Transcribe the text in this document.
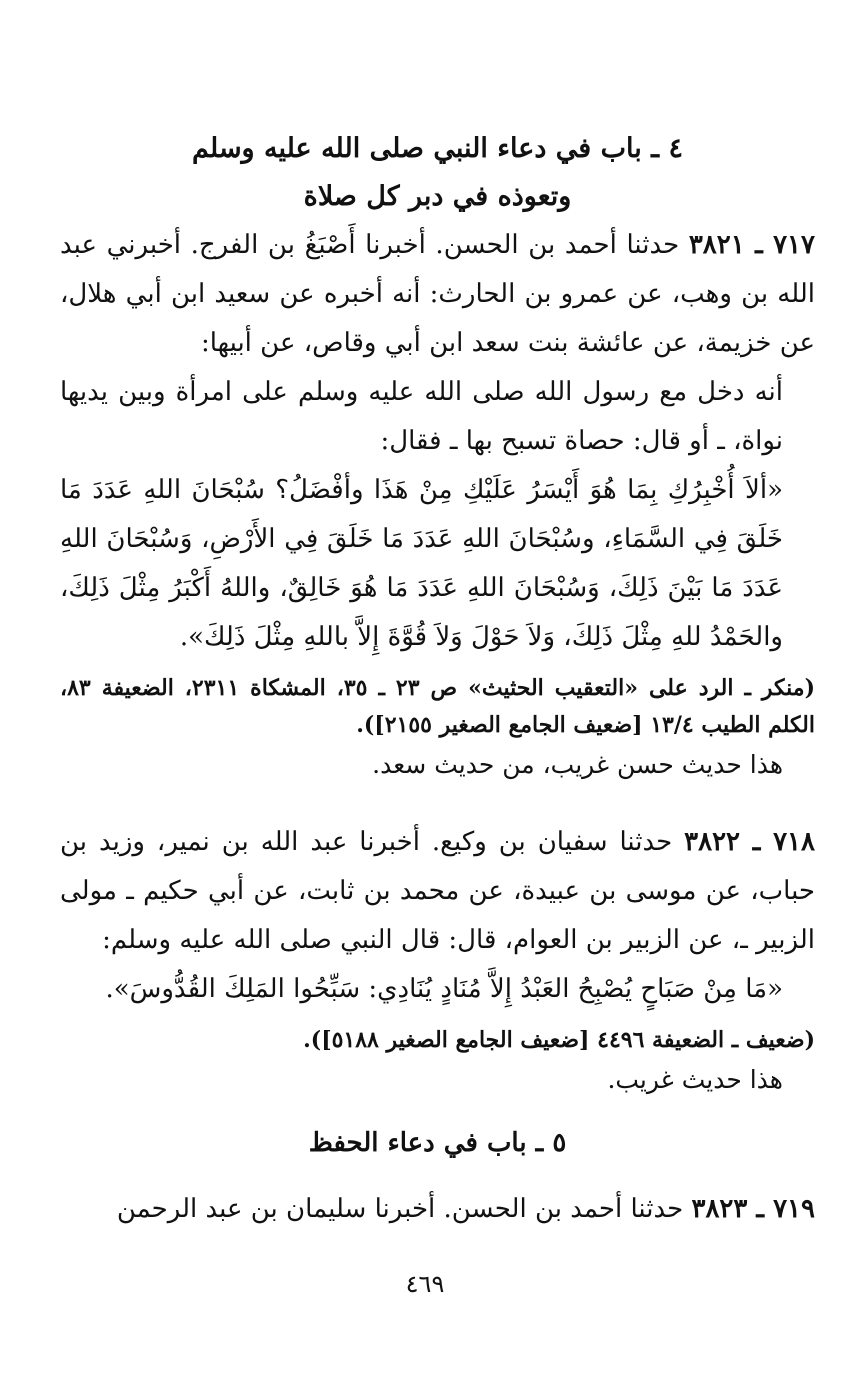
٤ ـ باب في دعاء النبي صلى الله عليه وسلم
وتعوذه في دبر كل صلاة

٧١٧ ـ ٣٨٢١ حدثنا أحمد بن الحسن. أخبرنا أَصْبَغُ بن الفرج. أخبرني عبد الله بن وهب، عن عمرو بن الحارث: أنه أخبره عن سعيد ابن أبي هلال، عن خزيمة، عن عائشة بنت سعد ابن أبي وقاص، عن أبيها:

أنه دخل مع رسول الله صلى الله عليه وسلم على امرأة وبين يديها نواة، ـ أو قال: حصاة تسبح بها ـ فقال:

«ألاَ أُخْبِرُكِ بِمَا هُوَ أَيْسَرُ عَلَيْكِ مِنْ هَذَا وأفْضَلُ؟ سُبْحَانَ اللهِ عَدَدَ مَا خَلَقَ فِي السَّمَاءِ، وسُبْحَانَ اللهِ عَدَدَ مَا خَلَقَ فِي الأَرْضِ، وَسُبْحَانَ اللهِ عَدَدَ مَا بَيْنَ ذَلِكَ، وَسُبْحَانَ اللهِ عَدَدَ مَا هُوَ خَالِقٌ، واللهُ أَكْبَرُ مِثْلَ ذَلِكَ، والحَمْدُ للهِ مِثْلَ ذَلِكَ، وَلاَ حَوْلَ وَلاَ قُوَّةَ إِلاَّ باللهِ مِثْلَ ذَلِكَ».

(منكر ـ الرد على «التعقيب الحثيث» ص ٢٣ ـ ٣٥، المشكاة ٢٣١١، الضعيفة ٨٣، الكلم الطيب ١٣/٤ [ضعيف الجامع الصغير ٢١٥٥]).

هذا حديث حسن غريب، من حديث سعد.

٧١٨ ـ ٣٨٢٢ حدثنا سفيان بن وكيع. أخبرنا عبد الله بن نمير، وزيد بن حباب، عن موسى بن عبيدة، عن محمد بن ثابت، عن أبي حكيم ـ مولى الزبير ـ، عن الزبير بن العوام، قال: قال النبي صلى الله عليه وسلم:

«مَا مِنْ صَبَاحٍ يُصْبِحُ العَبْدُ إِلاَّ مُنَادٍ يُنَادِي: سَبِّحُوا المَلِكَ القُدُّوسَ».

(ضعيف ـ الضعيفة ٤٤٩٦ [ضعيف الجامع الصغير ٥١٨٨]).

هذا حديث غريب.

٥ ـ باب في دعاء الحفظ

٧١٩ ـ ٣٨٢٣ حدثنا أحمد بن الحسن. أخبرنا سليمان بن عبد الرحمن

٤٦٩
